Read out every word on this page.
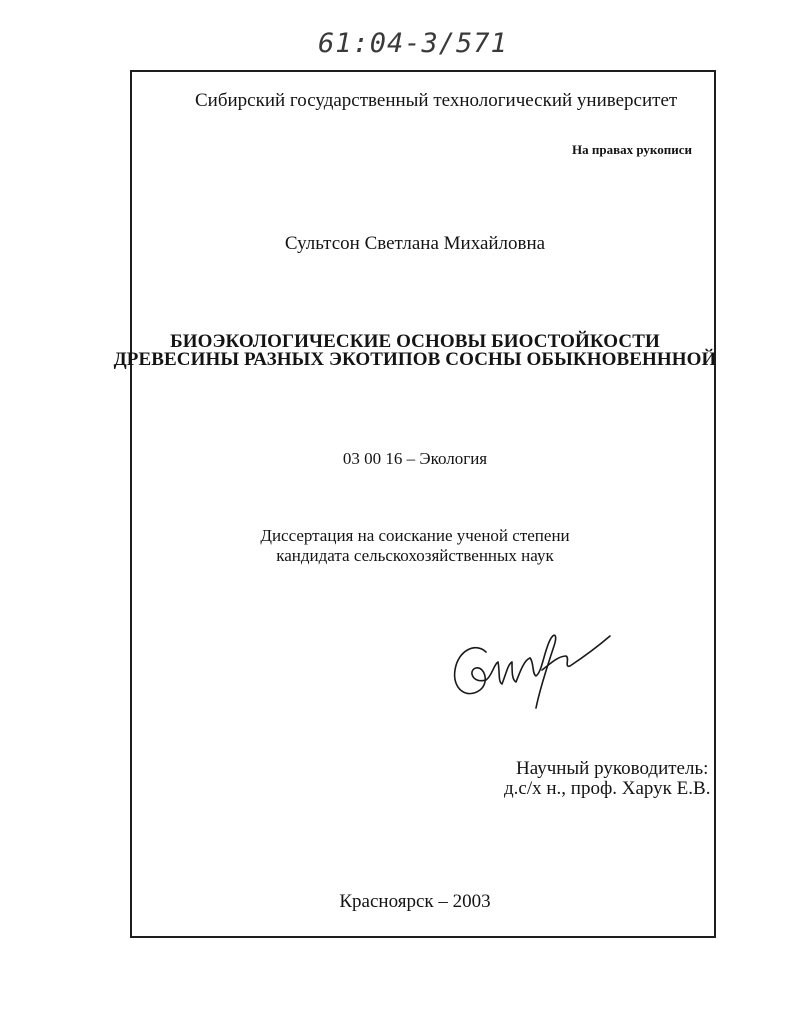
61:04-3/571
Сибирский государственный технологический университет
На правах рукописи
Сультсон Светлана Михайловна
БИОЭКОЛОГИЧЕСКИЕ ОСНОВЫ БИОСТОЙКОСТИ
ДРЕВЕСИНЫ РАЗНЫХ ЭКОТИПОВ СОСНЫ ОБЫКНОВЕНННОЙ
03 00 16 – Экология
Диссертация на соискание ученой степени
кандидата сельскохозяйственных наук
Научный руководитель:
д.с/х н., проф. Харук Е.В.
Красноярск – 2003
